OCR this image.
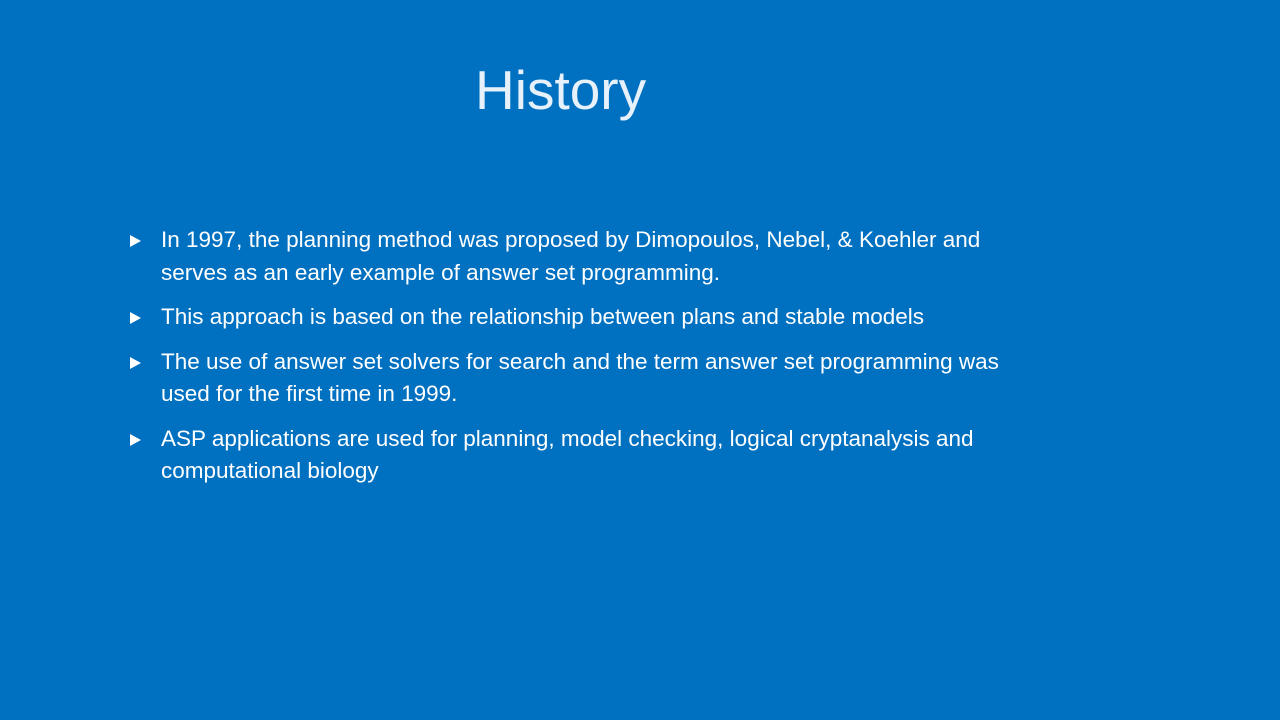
History
In 1997, the planning method was proposed by Dimopoulos, Nebel, & Koehler and serves as an early example of answer set programming.
This approach is based on the relationship between plans and stable models
The use of answer set solvers for search and the term answer set programming was used for the first time in 1999.
ASP applications are used for planning, model checking, logical cryptanalysis and computational biology
